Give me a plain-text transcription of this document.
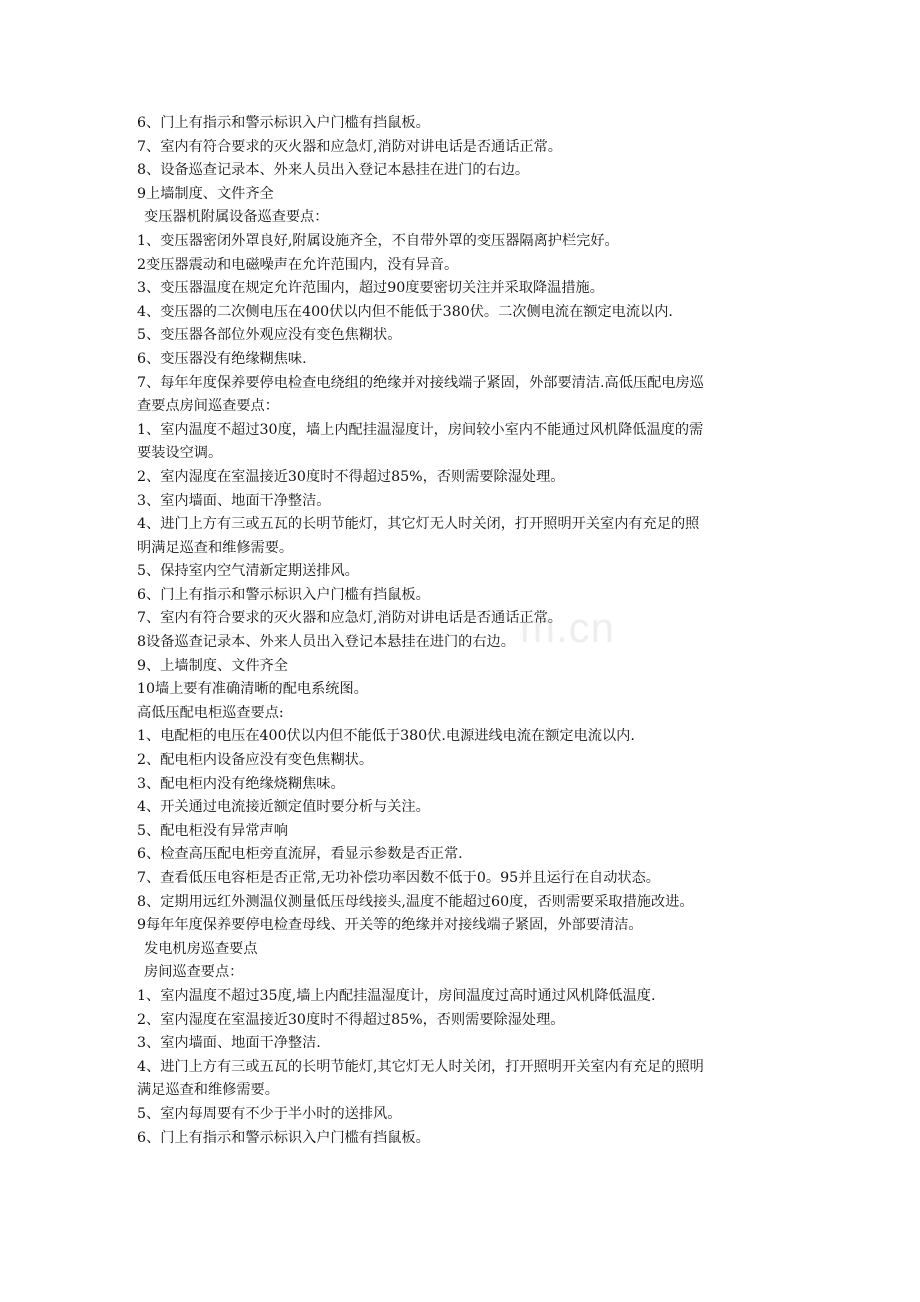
6、门上有指示和警示标识入户门槛有挡鼠板。

7、室内有符合要求的灭火器和应急灯,消防对讲电话是否通话正常。

8、设备巡查记录本、外来人员出入登记本悬挂在进门的右边。

9上墙制度、文件齐全

变压器机附属设备巡查要点：

1、变压器密闭外罩良好,附属设施齐全，不自带外罩的变压器隔离护栏完好。

2变压器震动和电磁噪声在允许范围内，没有异音。

3、变压器温度在规定允许范围内，超过90度要密切关注并采取降温措施。

4、变压器的二次侧电压在400伏以内但不能低于380伏。二次侧电流在额定电流以内.

5、变压器各部位外观应没有变色焦糊状。

6、变压器没有绝缘糊焦味.

7、每年年度保养要停电检查电绕组的绝缘并对接线端子紧固，外部要清洁.高低压配电房巡

查要点房间巡查要点：

1、室内温度不超过30度，墙上内配挂温湿度计，房间较小室内不能通过风机降低温度的需

要装设空调。

2、室内湿度在室温接近30度时不得超过85%，否则需要除湿处理。

3、室内墙面、地面干净整洁。

4、进门上方有三或五瓦的长明节能灯，其它灯无人时关闭，打开照明开关室内有充足的照

明满足巡查和维修需要。

5、保持室内空气清新定期送排风。

6、门上有指示和警示标识入户门槛有挡鼠板。

7、室内有符合要求的灭火器和应急灯,消防对讲电话是否通话正常。

8设备巡查记录本、外来人员出入登记本悬挂在进门的右边。

9、上墙制度、文件齐全

10墙上要有准确清晰的配电系统图。

高低压配电柜巡查要点:

1、电配柜的电压在400伏以内但不能低于380伏.电源进线电流在额定电流以内.

2、配电柜内设备应没有变色焦糊状。

3、配电柜内没有绝缘烧糊焦味。

4、开关通过电流接近额定值时要分析与关注。

5、配电柜没有异常声响

6、检查高压配电柜旁直流屏，看显示参数是否正常.

7、查看低压电容柜是否正常,无功补偿功率因数不低于0。95并且运行在自动状态。

8、定期用远红外测温仪测量低压母线接头,温度不能超过60度，否则需要采取措施改进。

9每年年度保养要停电检查母线、开关等的绝缘并对接线端子紧固，外部要清洁。

发电机房巡查要点

房间巡查要点：

1、室内温度不超过35度,墙上内配挂温湿度计，房间温度过高时通过风机降低温度.

2、室内湿度在室温接近30度时不得超过85%，否则需要除湿处理。

3、室内墙面、地面干净整洁.

4、进门上方有三或五瓦的长明节能灯,其它灯无人时关闭，打开照明开关室内有充足的照明

满足巡查和维修需要。

5、室内每周要有不少于半小时的送排风。

6、门上有指示和警示标识入户门槛有挡鼠板。

m.cn
